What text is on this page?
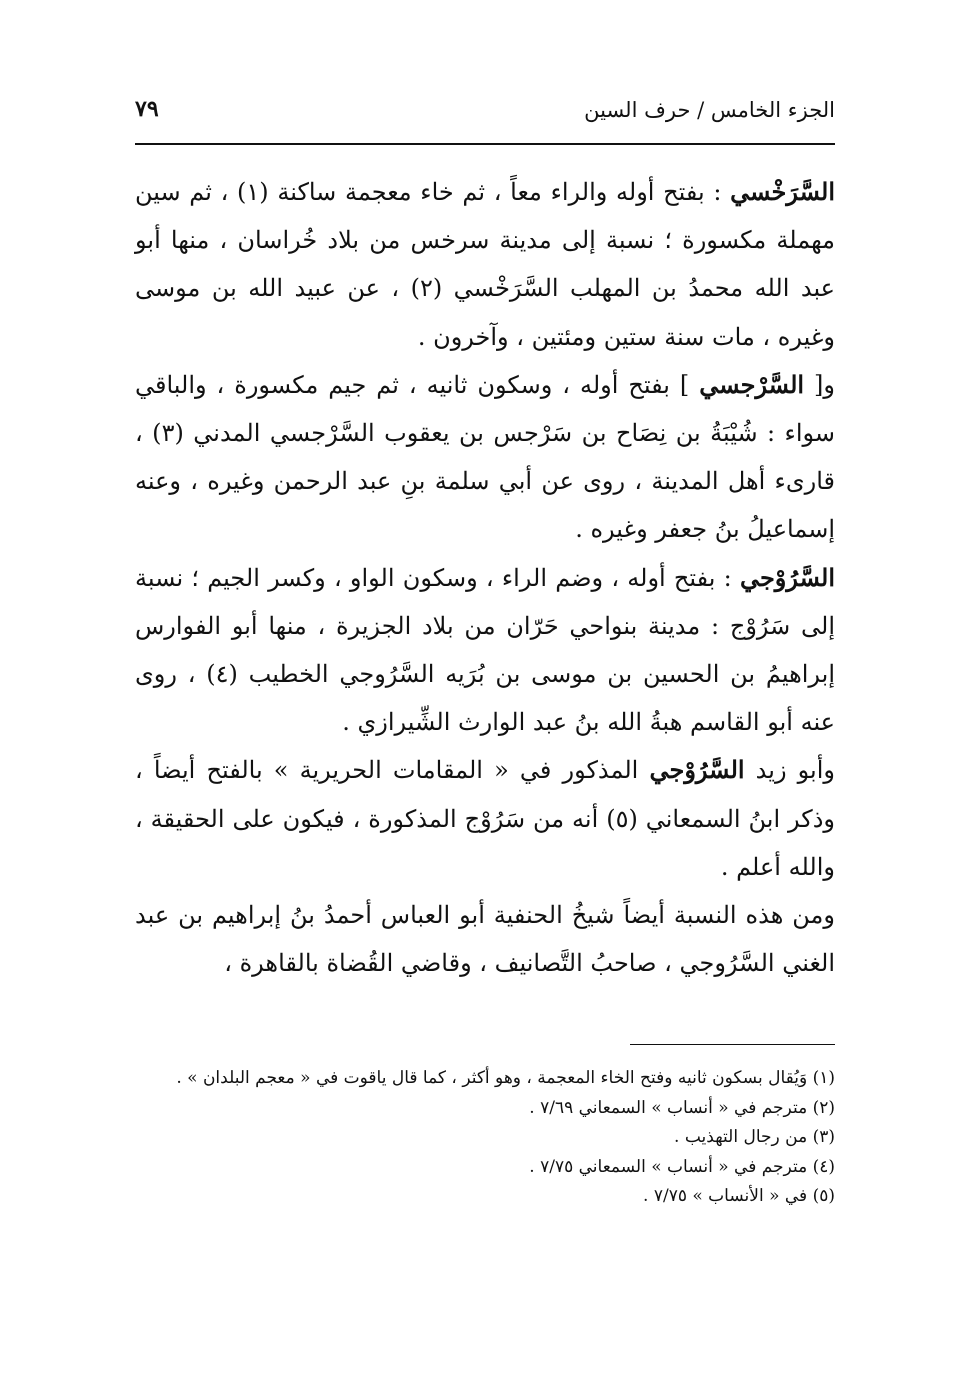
الجزء الخامس / حرف السين
٧٩

السَّرَخْسي : بفتح أوله والراء معاً ، ثم خاء معجمة ساكنة (١) ، ثم سين مهملة مكسورة ؛ نسبة إلى مدينة سرخس من بلاد خُراسان ، منها أبو عبد الله محمدُ بن المهلب السَّرَخْسي (٢) ، عن عبيد الله بن موسى وغيره ، مات سنة ستين ومئتين ، وآخرون .

و[ السَّرْجسي ] بفتح أوله ، وسكون ثانيه ، ثم جيم مكسورة ، والباقي سواء : شُيْبَةُ بن نِصَاح بن سَرْجس بن يعقوب السَّرْجسي المدني (٣) ، قارىء أهل المدينة ، روى عن أبي سلمة بنِ عبد الرحمن وغيره ، وعنه إسماعيلُ بنُ جعفر وغيره .

السَّرُوْجي : بفتح أوله ، وضم الراء ، وسكون الواو ، وكسر الجيم ؛ نسبة إلى سَرُوْج : مدينة بنواحي حَرّان من بلاد الجزيرة ، منها أبو الفوارس إبراهيمُ بن الحسين بن موسى بن بُرَيه السَّرُوجي الخطيب (٤) ، روى عنه أبو القاسم هبةُ الله بنُ عبد الوارث الشِّيرازي .

وأبو زيد السَّرُوْجي المذكور في « المقامات الحريرية » بالفتح أيضاً ، وذكر ابنُ السمعاني (٥) أنه من سَرُوْج المذكورة ، فيكون على الحقيقة ، والله أعلم .

ومن هذه النسبة أيضاً شيخُ الحنفية أبو العباس أحمدُ بنُ إبراهيم بن عبد الغني السَّرُوجي ، صاحبُ التَّصانيف ، وقاضي القُضاة بالقاهرة ،

(١) وَيُقال بسكون ثانيه وفتح الخاء المعجمة ، وهو أكثر ، كما قال ياقوت في « معجم البلدان » .

(٢) مترجم في « أنساب » السمعاني ٧/٦٩ .

(٣) من رجال التهذيب .

(٤) مترجم في « أنساب » السمعاني ٧/٧٥ .

(٥) في « الأنساب » ٧/٧٥ .
